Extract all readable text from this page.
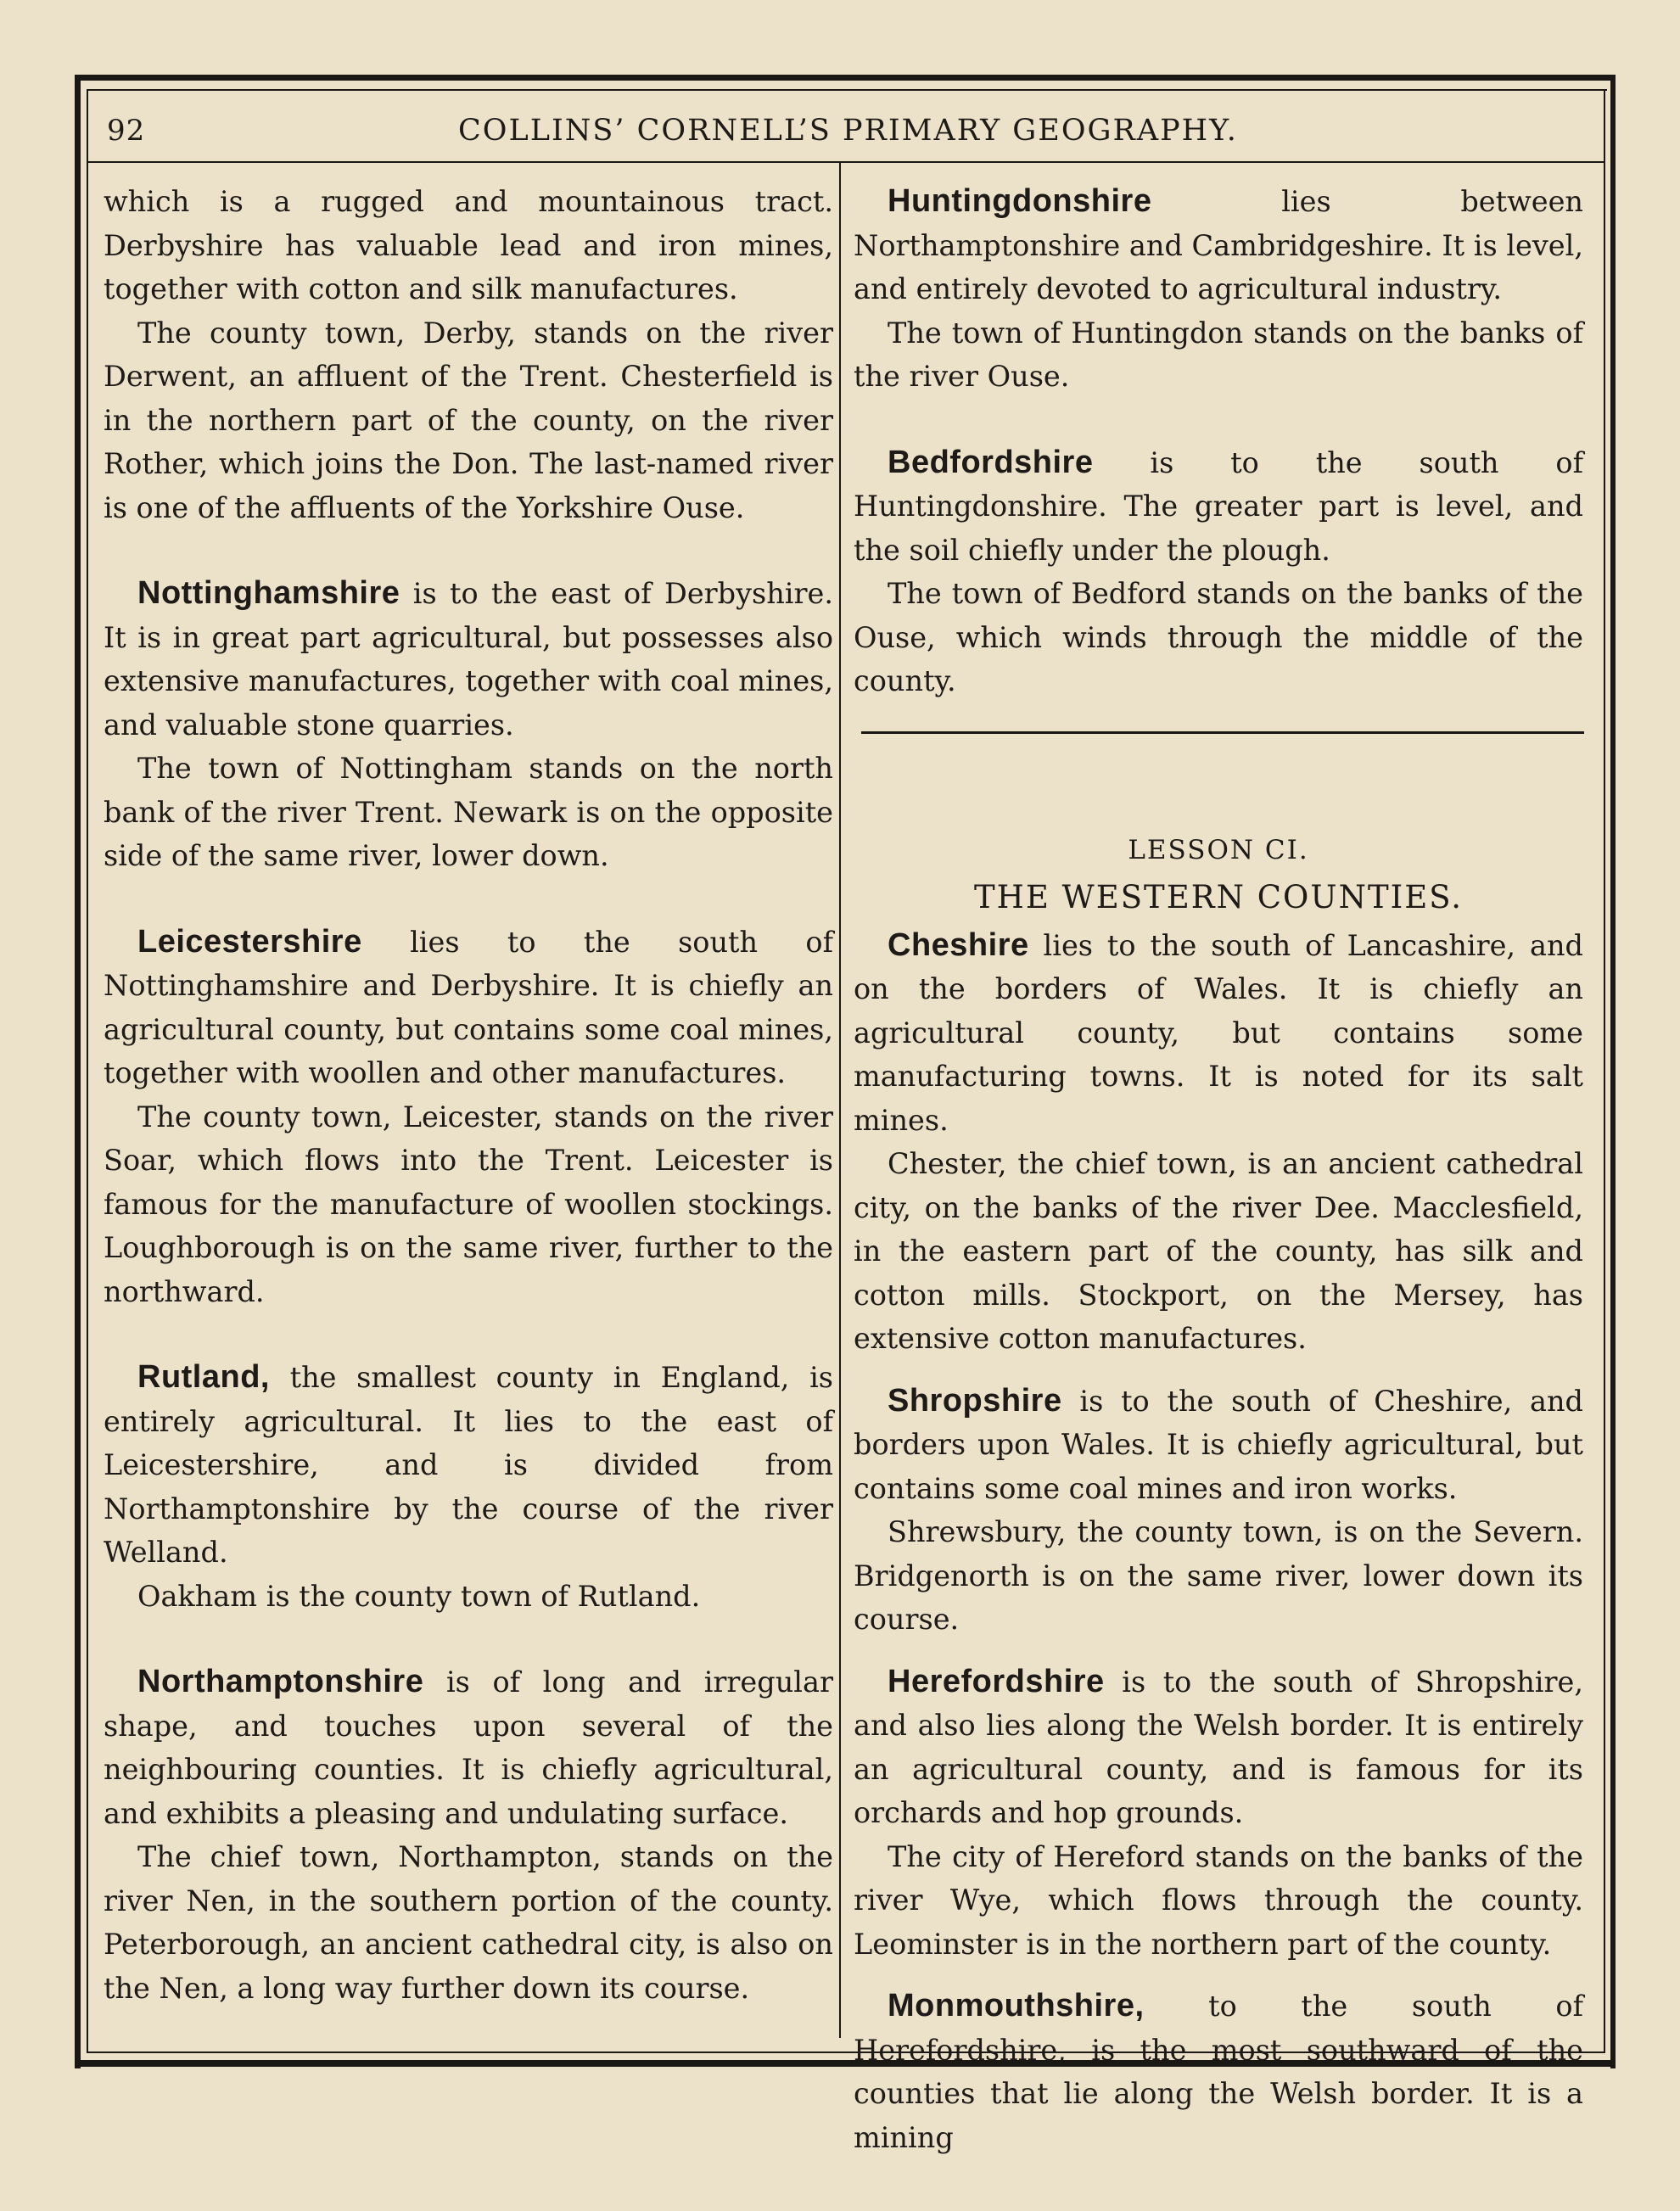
92	COLLINS’ CORNELL’S PRIMARY GEOGRAPHY.

which is a rugged and mountainous tract. Derbyshire has valuable lead and iron mines, together with cotton and silk manufactures.

The county town, Derby, stands on the river Derwent, an affluent of the Trent. Chesterfield is in the northern part of the county, on the river Rother, which joins the Don. The last-named river is one of the affluents of the Yorkshire Ouse.

Nottinghamshire is to the east of Derbyshire. It is in great part agricultural, but possesses also extensive manufactures, together with coal mines, and valuable stone quarries.

The town of Nottingham stands on the north bank of the river Trent. Newark is on the opposite side of the same river, lower down.

Leicestershire lies to the south of Nottinghamshire and Derbyshire. It is chiefly an agricultural county, but contains some coal mines, together with woollen and other manufactures.

The county town, Leicester, stands on the river Soar, which flows into the Trent. Leicester is famous for the manufacture of woollen stockings. Loughborough is on the same river, further to the northward.

Rutland, the smallest county in England, is entirely agricultural. It lies to the east of Leicestershire, and is divided from Northamptonshire by the course of the river Welland.

Oakham is the county town of Rutland.

Northamptonshire is of long and irregular shape, and touches upon several of the neighbouring counties. It is chiefly agricultural, and exhibits a pleasing and undulating surface.

The chief town, Northampton, stands on the river Nen, in the southern portion of the county. Peterborough, an ancient cathedral city, is also on the Nen, a long way further down its course.

Huntingdonshire	lies between Northamptonshire and Cambridgeshire. It is level, and entirely devoted to agricultural industry.

The town of Huntingdon stands on the banks of the river Ouse.

Bedfordshire is to the south of Huntingdonshire. The greater part is level, and the soil chiefly under the plough.

The town of Bedford stands on the banks of the Ouse, which winds through the middle of the county.

LESSON CI.

THE WESTERN COUNTIES.

Cheshire lies to the south of Lancashire, and on the borders of Wales. It is chiefly an agricultural county, but contains some manufacturing towns. It is noted for its salt mines.

Chester, the chief town, is an ancient cathedral city, on the banks of the river Dee. Macclesfield, in the eastern part of the county, has silk and cotton mills. Stockport, on the Mersey, has extensive cotton manufactures.

Shropshire is to the south of Cheshire, and borders upon Wales. It is chiefly agricultural, but contains some coal mines and iron works.

Shrewsbury, the county town, is on the Severn. Bridgenorth is on the same river, lower down its course.

Herefordshire is to the south of Shropshire, and also lies along the Welsh border. It is entirely an agricultural county, and is famous for its orchards and hop grounds.

The city of Hereford stands on the banks of the river Wye, which flows through the county. Leominster is in the northern part of the county.

Monmouthshire, to the south of Herefordshire, is the most southward of the counties that lie along the Welsh border. It is a mining
